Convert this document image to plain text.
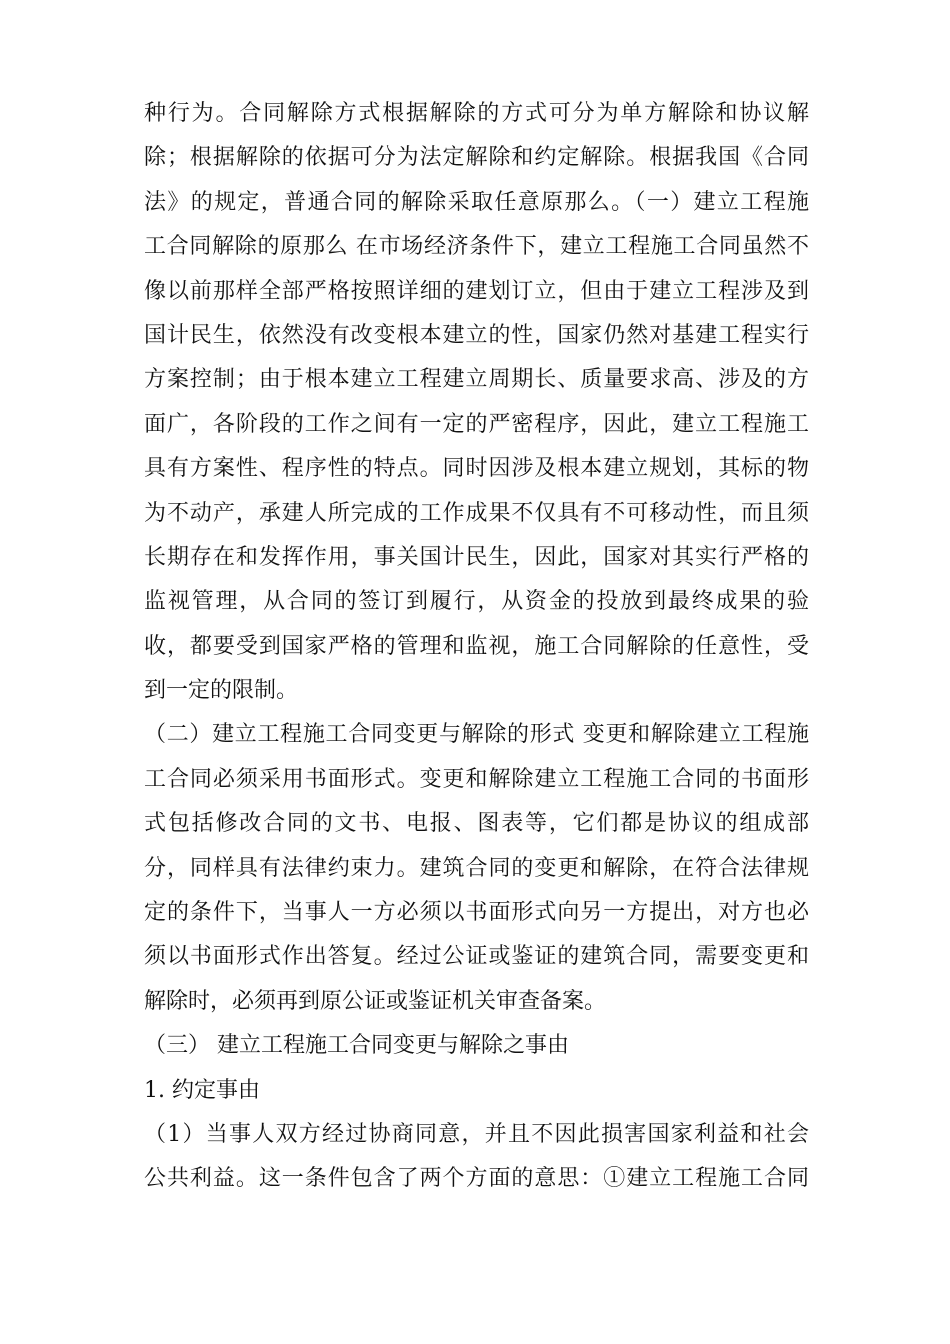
种行为。合同解除方式根据解除的方式可分为单方解除和协议解
除；根据解除的依据可分为法定解除和约定解除。根据我国《合同
法》的规定，普通合同的解除采取任意原那么。（一）建立工程施
工合同解除的原那么 在市场经济条件下，建立工程施工合同虽然不
像以前那样全部严格按照详细的建划订立，但由于建立工程涉及到
国计民生，依然没有改变根本建立的性，国家仍然对基建工程实行
方案控制；由于根本建立工程建立周期长、质量要求高、涉及的方
面广，各阶段的工作之间有一定的严密程序，因此，建立工程施工
具有方案性、程序性的特点。同时因涉及根本建立规划，其标的物
为不动产，承建人所完成的工作成果不仅具有不可移动性，而且须
长期存在和发挥作用，事关国计民生，因此，国家对其实行严格的
监视管理，从合同的签订到履行，从资金的投放到最终成果的验
收，都要受到国家严格的管理和监视，施工合同解除的任意性，受
到一定的限制。
（二）建立工程施工合同变更与解除的形式 变更和解除建立工程施
工合同必须采用书面形式。变更和解除建立工程施工合同的书面形
式包括修改合同的文书、电报、图表等，它们都是协议的组成部
分，同样具有法律约束力。建筑合同的变更和解除，在符合法律规
定的条件下，当事人一方必须以书面形式向另一方提出，对方也必
须以书面形式作出答复。经过公证或鉴证的建筑合同，需要变更和
解除时，必须再到原公证或鉴证机关审查备案。
（三） 建立工程施工合同变更与解除之事由
1. 约定事由
（1）当事人双方经过协商同意，并且不因此损害国家利益和社会
公共利益。这一条件包含了两个方面的意思：①建立工程施工合同
